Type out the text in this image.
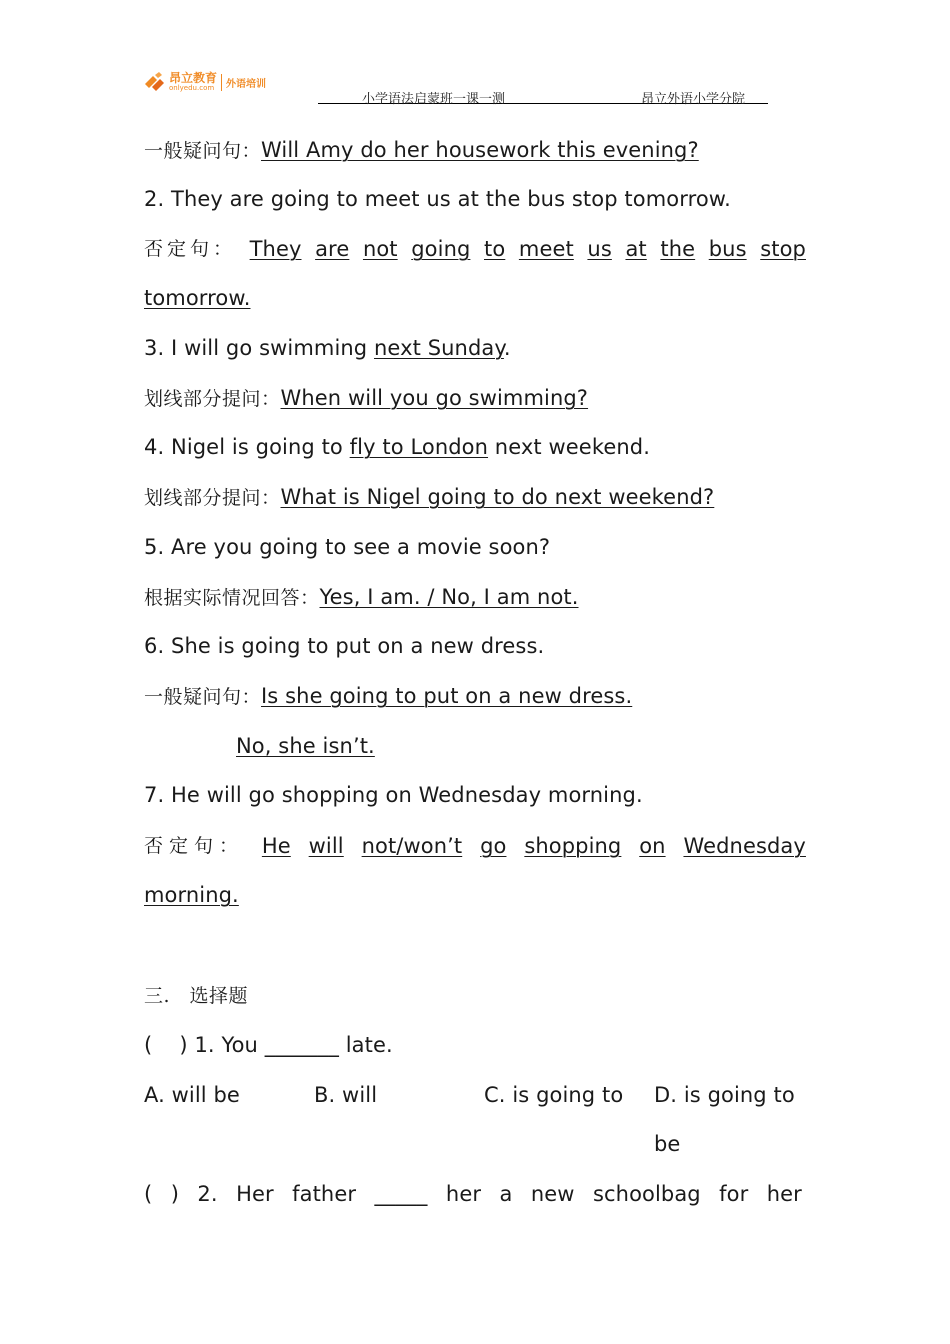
昂立教育
onlyedu.com 外语培训
小学语法启蒙班一课一测	昂立外语小学分院
一般疑问句：Will Amy do her housework this evening?
2. They are going to meet us at the bus stop tomorrow.
否定句： They are not going to meet us at the bus stop
tomorrow.
3. I will go swimming next Sunday.
划线部分提问：When will you go swimming?
4. Nigel is going to fly to London next weekend.
划线部分提问：What is Nigel going to do next weekend?
5. Are you going to see a movie soon?
根据实际情况回答：Yes, I am. / No, I am not.
6. She is going to put on a new dress.
一般疑问句：Is she going to put on a new dress.
No, she isn’t.
7. He will go shopping on Wednesday morning.
否定句： He will not/won’t go shopping on Wednesday
morning.
三.　选择题
(    ) 1. You _______ late.
A. will be	B. will	C. is going to D. is going to
be
( ) 2. Her father _____ her a new schoolbag for her
